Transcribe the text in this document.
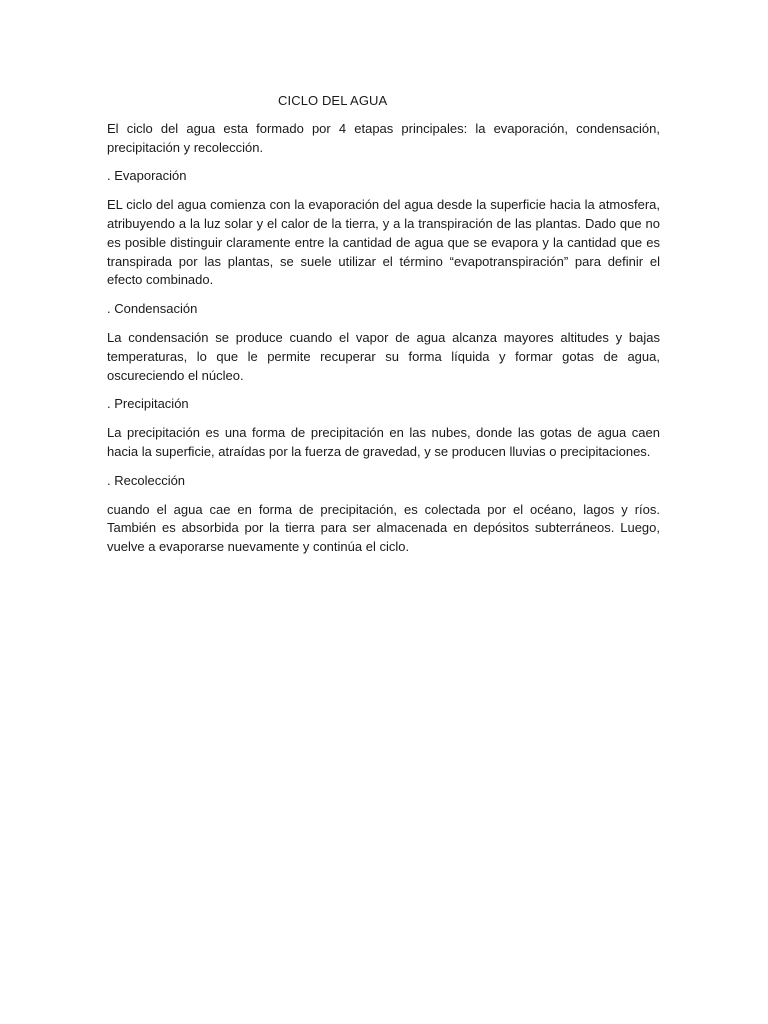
CICLO DEL AGUA

El ciclo del agua esta formado por 4 etapas principales: la evaporación, condensación, precipitación y recolección.

. Evaporación

EL ciclo del agua comienza con la evaporación del agua desde la superficie hacia la atmosfera, atribuyendo a la luz solar y el calor de la tierra, y a la transpiración de las plantas. Dado que no es posible distinguir claramente entre la cantidad de agua que se evapora y la cantidad que es transpirada por las plantas, se suele utilizar el término “evapotranspiración” para definir el efecto combinado.

. Condensación

La condensación se produce cuando el vapor de agua alcanza mayores altitudes y bajas temperaturas, lo que le permite recuperar su forma líquida y formar gotas de agua, oscureciendo el núcleo.

. Precipitación

La precipitación es una forma de precipitación en las nubes, donde las gotas de agua caen hacia la superficie, atraídas por la fuerza de gravedad, y se producen lluvias o precipitaciones.

. Recolección

cuando el agua cae en forma de precipitación, es colectada por el océano, lagos y ríos. También es absorbida por la tierra para ser almacenada en depósitos subterráneos. Luego, vuelve a evaporarse nuevamente y continúa el ciclo.
